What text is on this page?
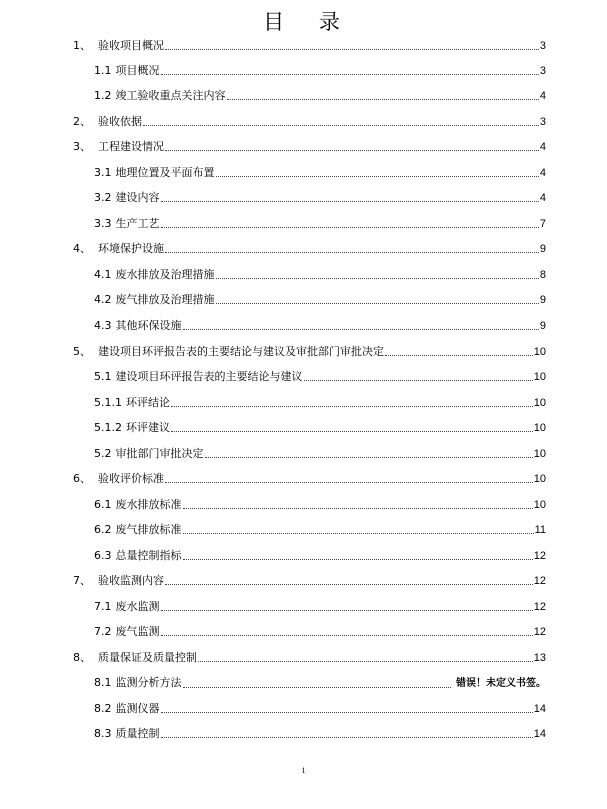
目 录
1、 验收项目概况	3
1.1 项目概况	3
1.2 竣工验收重点关注内容	4
2、 验收依据	3
3、 工程建设情况	4
3.1 地理位置及平面布置	4
3.2 建设内容	4
3.3 生产工艺	7
4、 环境保护设施	9
4.1 废水排放及治理措施	8
4.2 废气排放及治理措施	9
4.3 其他环保设施	9
5、 建设项目环评报告表的主要结论与建议及审批部门审批决定	10
5.1 建设项目环评报告表的主要结论与建议	10
5.1.1 环评结论	10
5.1.2 环评建议	10
5.2 审批部门审批决定	10
6、 验收评价标准	10
6.1 废水排放标准	10
6.2 废气排放标准	11
6.3 总量控制指标	12
7、 验收监测内容	12
7.1 废水监测	12
7.2 废气监测	12
8、 质量保证及质量控制	13
8.1 监测分析方法	错误！未定义书签。
8.2 监测仪器	14
8.3 质量控制	14
1
